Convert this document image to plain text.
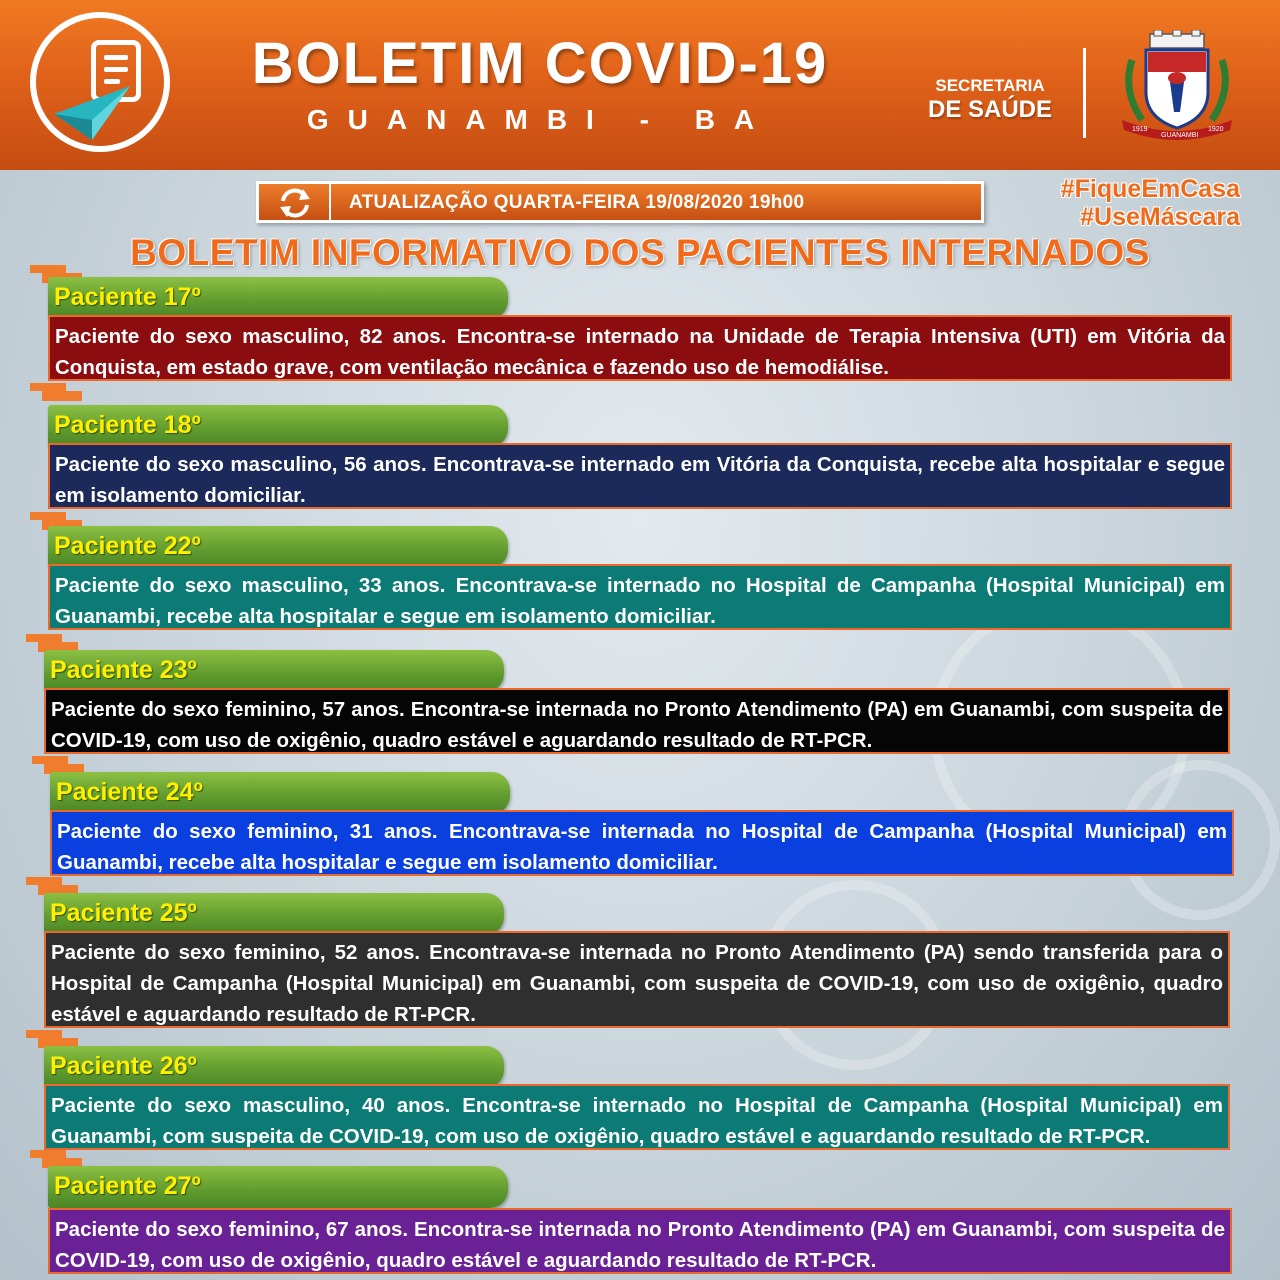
BOLETIM COVID-19
GUANAMBI - BA
SECRETARIA
DE SAÚDE
1919
GUANAMBI
1920
ATUALIZAÇÃO QUARTA-FEIRA 19/08/2020 19h00	#FiqueEmCasa
#UseMáscara
BOLETIM INFORMATIVO DOS PACIENTES INTERNADOS
Paciente 17º
Paciente do sexo masculino, 82 anos. Encontra-se internado na Unidade de Terapia Intensiva (UTI) em Vitória da Conquista, em estado grave, com ventilação mecânica e fazendo uso de hemodiálise.
Paciente 18º
Paciente do sexo masculino, 56 anos. Encontrava-se internado em Vitória da Conquista, recebe alta hospitalar e segue em isolamento domiciliar.
Paciente 22º
Paciente do sexo masculino, 33 anos. Encontrava-se internado no Hospital de Campanha (Hospital Municipal) em Guanambi, recebe alta hospitalar e segue em isolamento domiciliar.
Paciente 23º
Paciente do sexo feminino, 57 anos. Encontra-se internada no Pronto Atendimento (PA) em Guanambi, com suspeita de COVID-19, com uso de oxigênio, quadro estável e aguardando resultado de RT-PCR.
Paciente 24º
Paciente do sexo feminino, 31 anos. Encontrava-se internada no Hospital de Campanha (Hospital Municipal) em Guanambi, recebe alta hospitalar e segue em isolamento domiciliar.
Paciente 25º
Paciente do sexo feminino, 52 anos. Encontrava-se internada no Pronto Atendimento (PA) sendo transferida para o Hospital de Campanha (Hospital Municipal) em Guanambi, com suspeita de COVID-19, com uso de oxigênio, quadro estável e aguardando resultado de RT-PCR.
Paciente 26º
Paciente do sexo masculino, 40 anos. Encontra-se internado no Hospital de Campanha (Hospital Municipal) em Guanambi, com suspeita de COVID-19, com uso de oxigênio, quadro estável e aguardando resultado de RT-PCR.
Paciente 27º
Paciente do sexo feminino, 67 anos. Encontra-se internada no Pronto Atendimento (PA) em Guanambi, com suspeita de COVID-19, com uso de oxigênio, quadro estável e aguardando resultado de RT-PCR.
